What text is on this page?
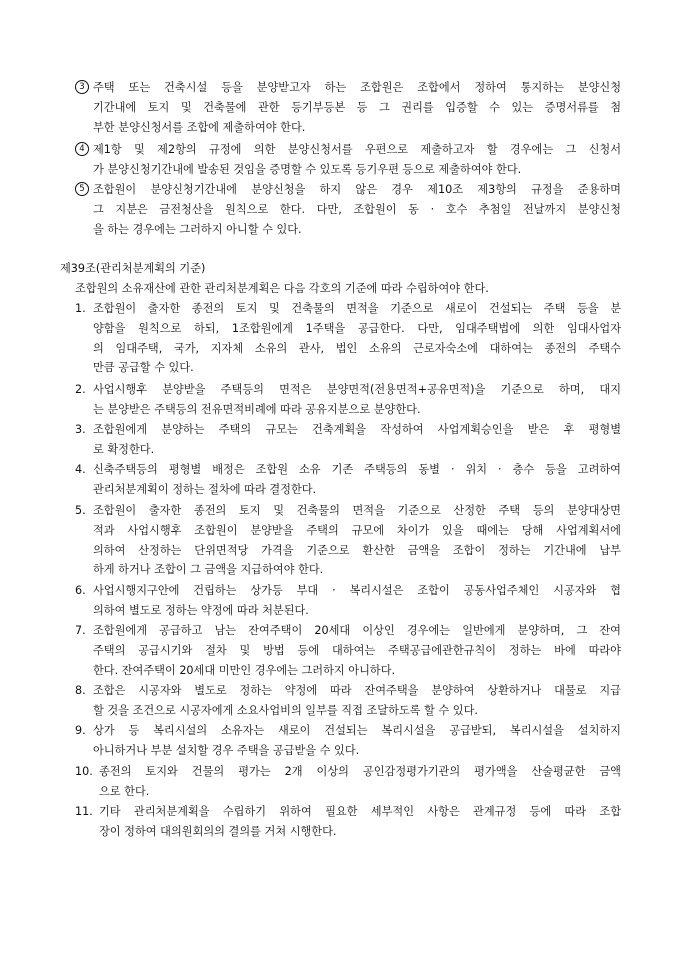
3 주택 또는 건축시설 등을 분양받고자 하는 조합원은 조합에서 정하여 통지하는 분양신청
기간내에 토지 및 건축물에 관한 등기부등본 등 그 권리를 입증할 수 있는 증명서류를 첨
부한 분양신청서를 조합에 제출하여야 한다.
4 제1항 및 제2항의 규정에 의한 분양신청서를 우편으로 제출하고자 할 경우에는 그 신청서
가 분양신청기간내에 발송된 것임을 증명할 수 있도록 등기우편 등으로 제출하여야 한다.
5 조합원이 분양신청기간내에 분양신청을 하지 않은 경우 제10조 제3항의 규정을 준용하며
그 지분은 금전청산을 원칙으로 한다. 다만, 조합원이 동 · 호수 추첨일 전날까지 분양신청
을 하는 경우에는 그러하지 아니할 수 있다.
제39조(관리처분계획의 기준)
조합원의 소유재산에 관한 관리처분계획은 다음 각호의 기준에 따라 수립하여야 한다.
1. 조합원이 출자한 종전의 토지 및 건축물의 면적을 기준으로 새로이 건설되는 주택 등을 분
양함을 원칙으로 하되, 1조합원에게 1주택을 공급한다. 다만, 임대주택법에 의한 임대사업자
의 임대주택, 국가, 지자체 소유의 관사, 법인 소유의 근로자숙소에 대하여는 종전의 주택수
만큼 공급할 수 있다.
2. 사업시행후 분양받을 주택등의 면적은 분양면적(전용면적+공유면적)을 기준으로 하며, 대지
는 분양받은 주택등의 전유면적비례에 따라 공유지분으로 분양한다.
3. 조합원에게 분양하는 주택의 규모는 건축계획을 작성하여 사업계획승인을 받은 후 평형별
로 확정한다.
4. 신축주택등의 평형별 배정은 조합원 소유 기존 주택등의 동별 · 위치 · 층수 등을 고려하여
관리처분계획이 정하는 절차에 따라 결정한다.
5. 조합원이 출자한 종전의 토지 및 건축물의 면적을 기준으로 산정한 주택 등의 분양대상면
적과 사업시행후 조합원이 분양받을 주택의 규모에 차이가 있을 때에는 당해 사업계획서에
의하여 산정하는 단위면적당 가격을 기준으로 환산한 금액을 조합이 정하는 기간내에 납부
하게 하거나 조합이 그 금액을 지급하여야 한다.
6. 사업시행지구안에 건립하는 상가등 부대 · 복리시설은 조합이 공동사업주체인 시공자와 협
의하여 별도로 정하는 약정에 따라 처분된다.
7. 조합원에게 공급하고 남는 잔여주택이 20세대 이상인 경우에는 일반에게 분양하며, 그 잔여
주택의 공급시기와 절차 및 방법 등에 대하여는 주택공급에관한규칙이 정하는 바에 따라야
한다. 잔여주택이 20세대 미만인 경우에는 그러하지 아니하다.
8. 조합은 시공자와 별도로 정하는 약정에 따라 잔여주택을 분양하여 상환하거나 대물로 지급
할 것을 조건으로 시공자에게 소요사업비의 일부를 직접 조달하도록 할 수 있다.
9. 상가 등 복리시설의 소유자는 새로이 건설되는 복리시설을 공급받되, 복리시설을 설치하지
아니하거나 부분 설치할 경우 주택을 공급받을 수 있다.
10. 종전의 토지와 건물의 평가는 2개 이상의 공인감정평가기관의 평가액을 산술평균한 금액
으로 한다.
11. 기타 관리처분계획을 수립하기 위하여 필요한 세부적인 사항은 관계규정 등에 따라 조합
장이 정하여 대의원회의의 결의를 거쳐 시행한다.
